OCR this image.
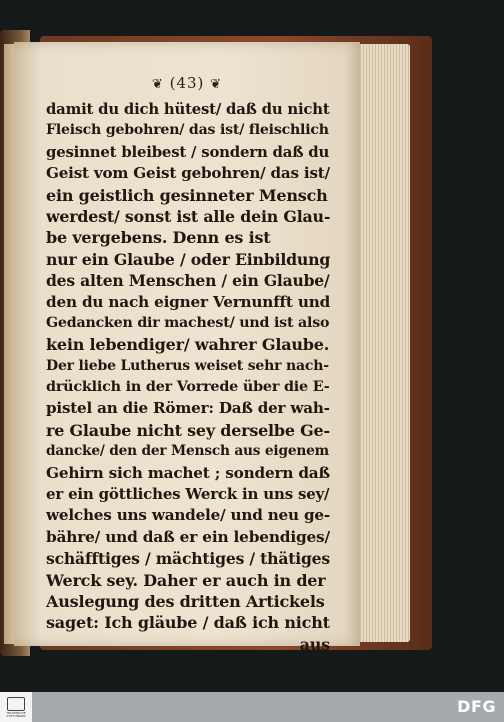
❦ (43) ❦
damit du dich hütest/ daß du nicht
Fleisch gebohren/ das ist/ fleischlich
gesinnet bleibest / sondern daß du
Geist vom Geist gebohren/ das ist/
ein geistlich gesinneter Mensch
werdest/ sonst ist alle dein Glau-
be vergebens. Denn es ist
nur ein Glaube / oder Einbildung
des alten Menschen / ein Glaube/
den du nach eigner Vernunfft und
Gedancken dir machest/ und ist also
kein lebendiger/ wahrer Glaube.
Der liebe Lutherus weiset sehr nach-
drücklich in der Vorrede über die E-
pistel an die Römer: Daß der wah-
re Glaube nicht sey derselbe Ge-
dancke/ den der Mensch aus eigenem
Gehirn sich machet ; sondern daß
er ein göttliches Werck in uns sey/
welches uns wandele/ und neu ge-
bähre/ und daß er ein lebendiges/
schäfftiges / mächtiges / thätiges
Werck sey. Daher er auch in der
Auslegung des dritten Artickels
saget: Ich gläube / daß ich nicht
aus
TECHNISCHE STIFTUNGEN	DFG
